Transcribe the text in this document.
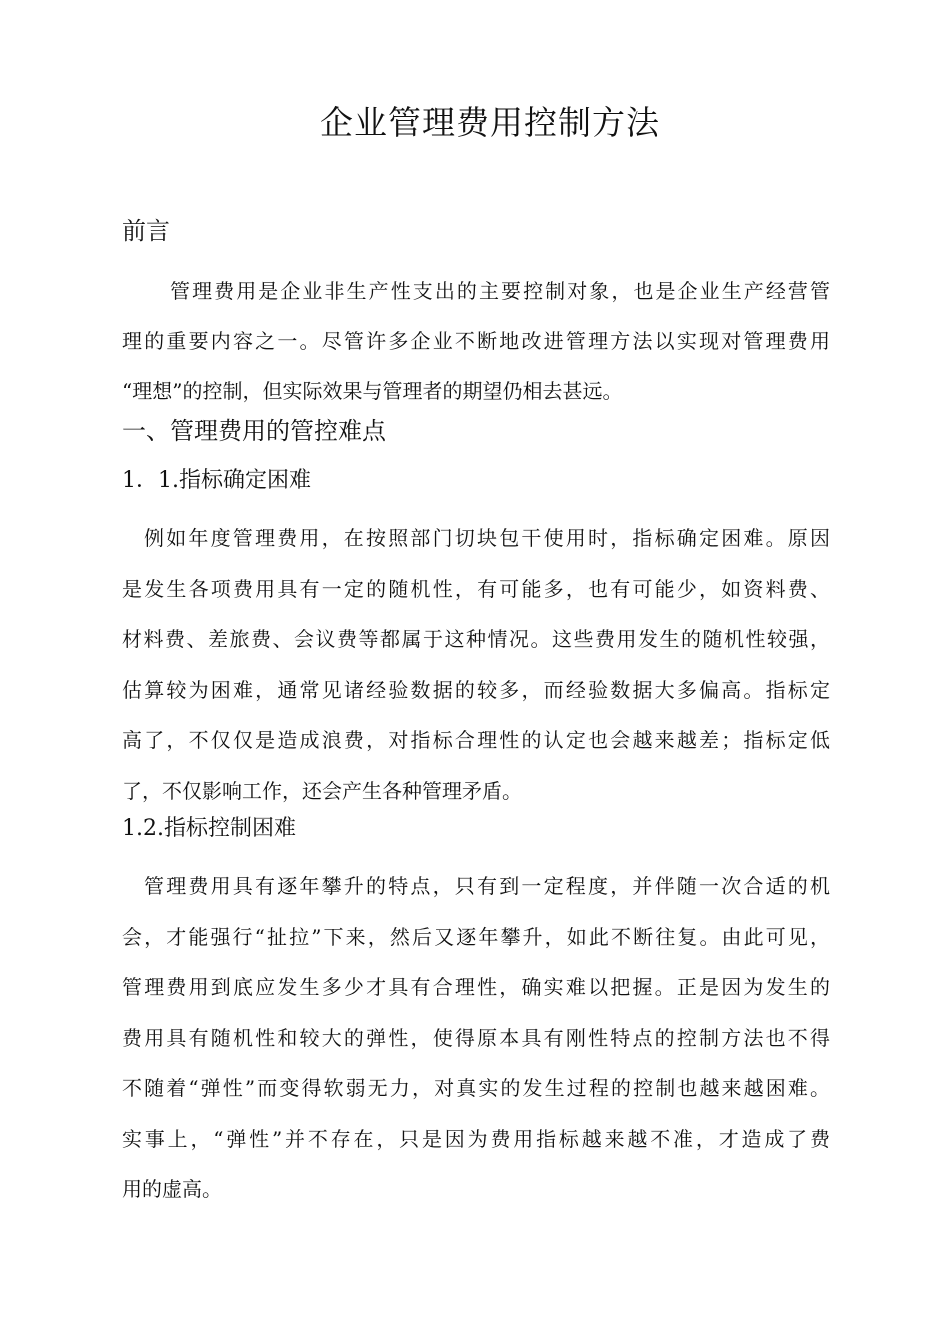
企业管理费用控制方法
前言
管理费用是企业非生产性支出的主要控制对象，也是企业生产经营管
理的重要内容之一。尽管许多企业不断地改进管理方法以实现对管理费用
“理想”的控制，但实际效果与管理者的期望仍相去甚远。
一、管理费用的管控难点
1．1.指标确定困难
例如年度管理费用，在按照部门切块包干使用时，指标确定困难。原因
是发生各项费用具有一定的随机性，有可能多，也有可能少，如资料费、
材料费、差旅费、会议费等都属于这种情况。这些费用发生的随机性较强，
估算较为困难，通常见诸经验数据的较多，而经验数据大多偏高。指标定
高了，不仅仅是造成浪费，对指标合理性的认定也会越来越差；指标定低
了，不仅影响工作，还会产生各种管理矛盾。
1.2.指标控制困难
管理费用具有逐年攀升的特点，只有到一定程度，并伴随一次合适的机
会，才能强行“扯拉”下来，然后又逐年攀升，如此不断往复。由此可见，
管理费用到底应发生多少才具有合理性，确实难以把握。正是因为发生的
费用具有随机性和较大的弹性，使得原本具有刚性特点的控制方法也不得
不随着“弹性”而变得软弱无力，对真实的发生过程的控制也越来越困难。
实事上，“弹性”并不存在，只是因为费用指标越来越不准，才造成了费
用的虚高。
